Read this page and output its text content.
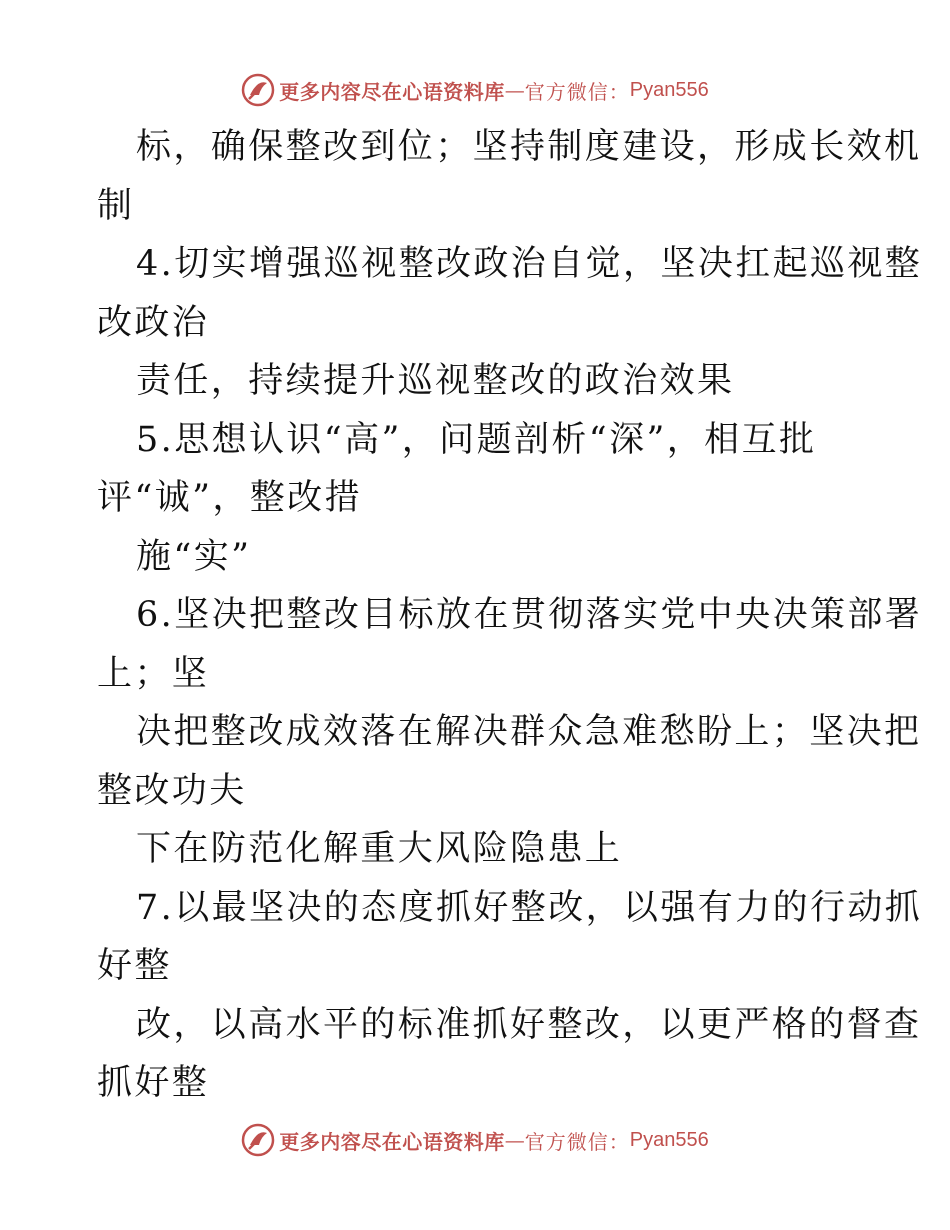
更多内容尽在心语资料库 — 官方微信： Pyan556
标，确保整改到位；坚持制度建设，形成长效机
制
4.切实增强巡视整改政治自觉，坚决扛起巡视整
改政治
责任，持续提升巡视整改的政治效果
5.思想认识“高”，问题剖析“深”，相互批
评“诚”，整改措
施“实”
6.坚决把整改目标放在贯彻落实党中央决策部署
上；坚
决把整改成效落在解决群众急难愁盼上；坚决把
整改功夫
下在防范化解重大风险隐患上
7.以最坚决的态度抓好整改，以强有力的行动抓
好整
改，以高水平的标准抓好整改，以更严格的督查
抓好整
更多内容尽在心语资料库 — 官方微信： Pyan556
